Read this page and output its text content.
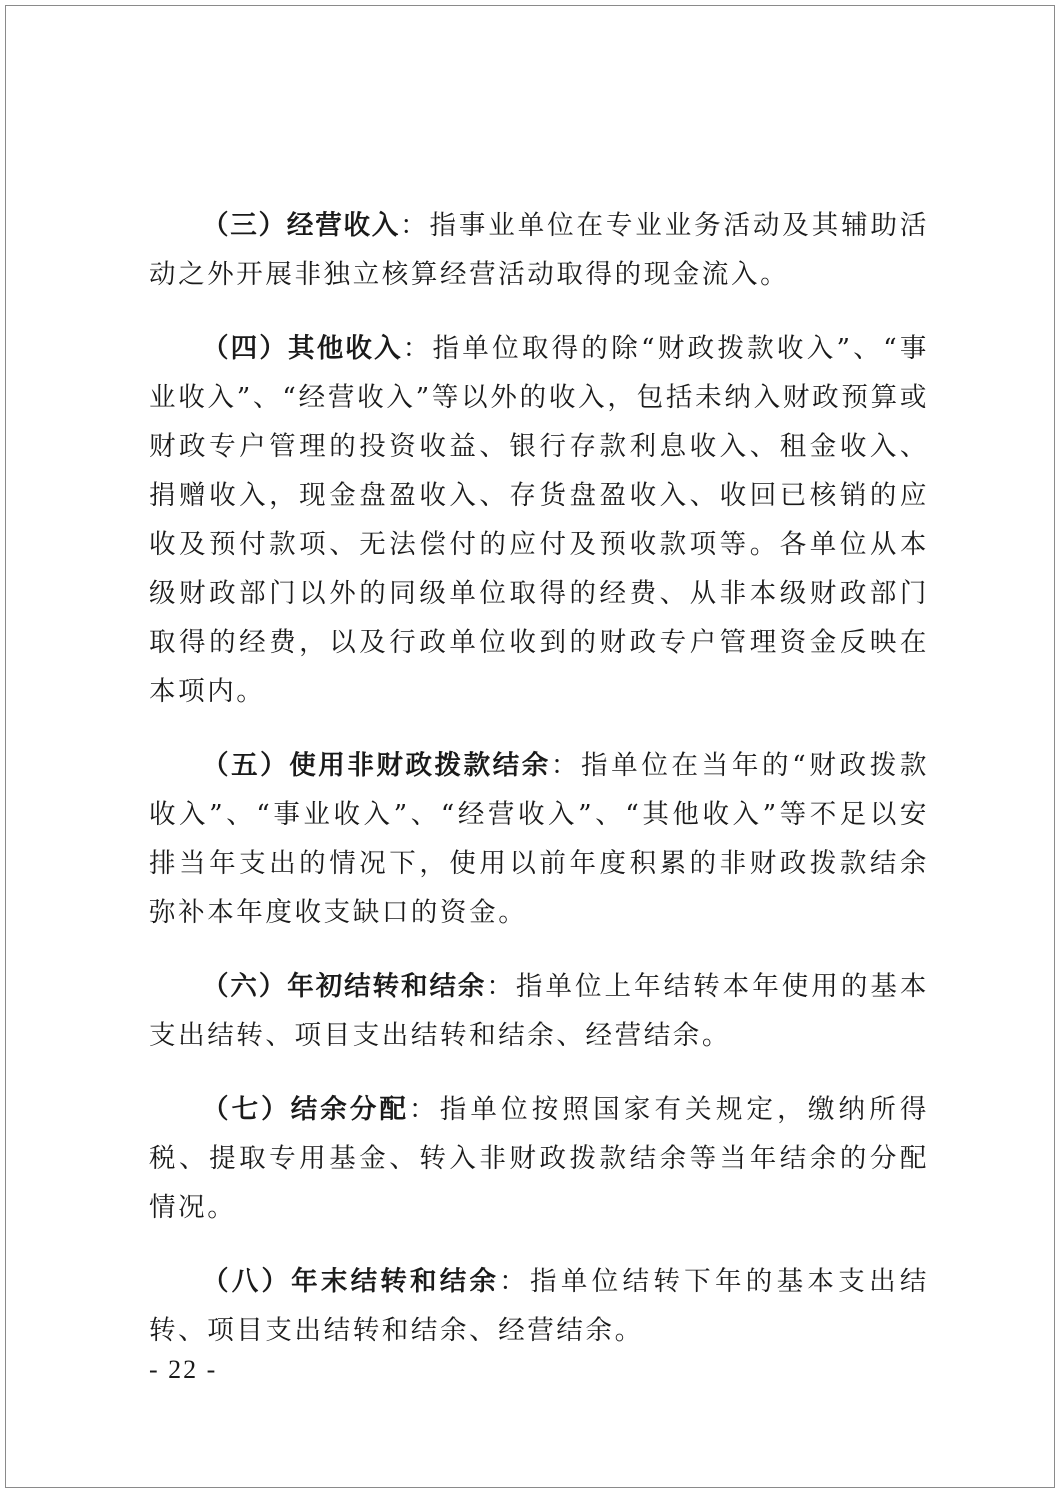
（三）经营收入：指事业单位在专业业务活动及其辅助活动之外开展非独立核算经营活动取得的现金流入。

（四）其他收入：指单位取得的除“财政拨款收入”、“事业收入”、“经营收入”等以外的收入，包括未纳入财政预算或财政专户管理的投资收益、银行存款利息收入、租金收入、捐赠收入，现金盘盈收入、存货盘盈收入、收回已核销的应收及预付款项、无法偿付的应付及预收款项等。各单位从本级财政部门以外的同级单位取得的经费、从非本级财政部门取得的经费，以及行政单位收到的财政专户管理资金反映在本项内。

（五）使用非财政拨款结余：指单位在当年的“财政拨款收入”、“事业收入”、“经营收入”、“其他收入”等不足以安排当年支出的情况下，使用以前年度积累的非财政拨款结余弥补本年度收支缺口的资金。

（六）年初结转和结余：指单位上年结转本年使用的基本支出结转、项目支出结转和结余、经营结余。

（七）结余分配：指单位按照国家有关规定，缴纳所得税、提取专用基金、转入非财政拨款结余等当年结余的分配情况。

（八）年末结转和结余：指单位结转下年的基本支出结转、项目支出结转和结余、经营结余。

- 22 -
